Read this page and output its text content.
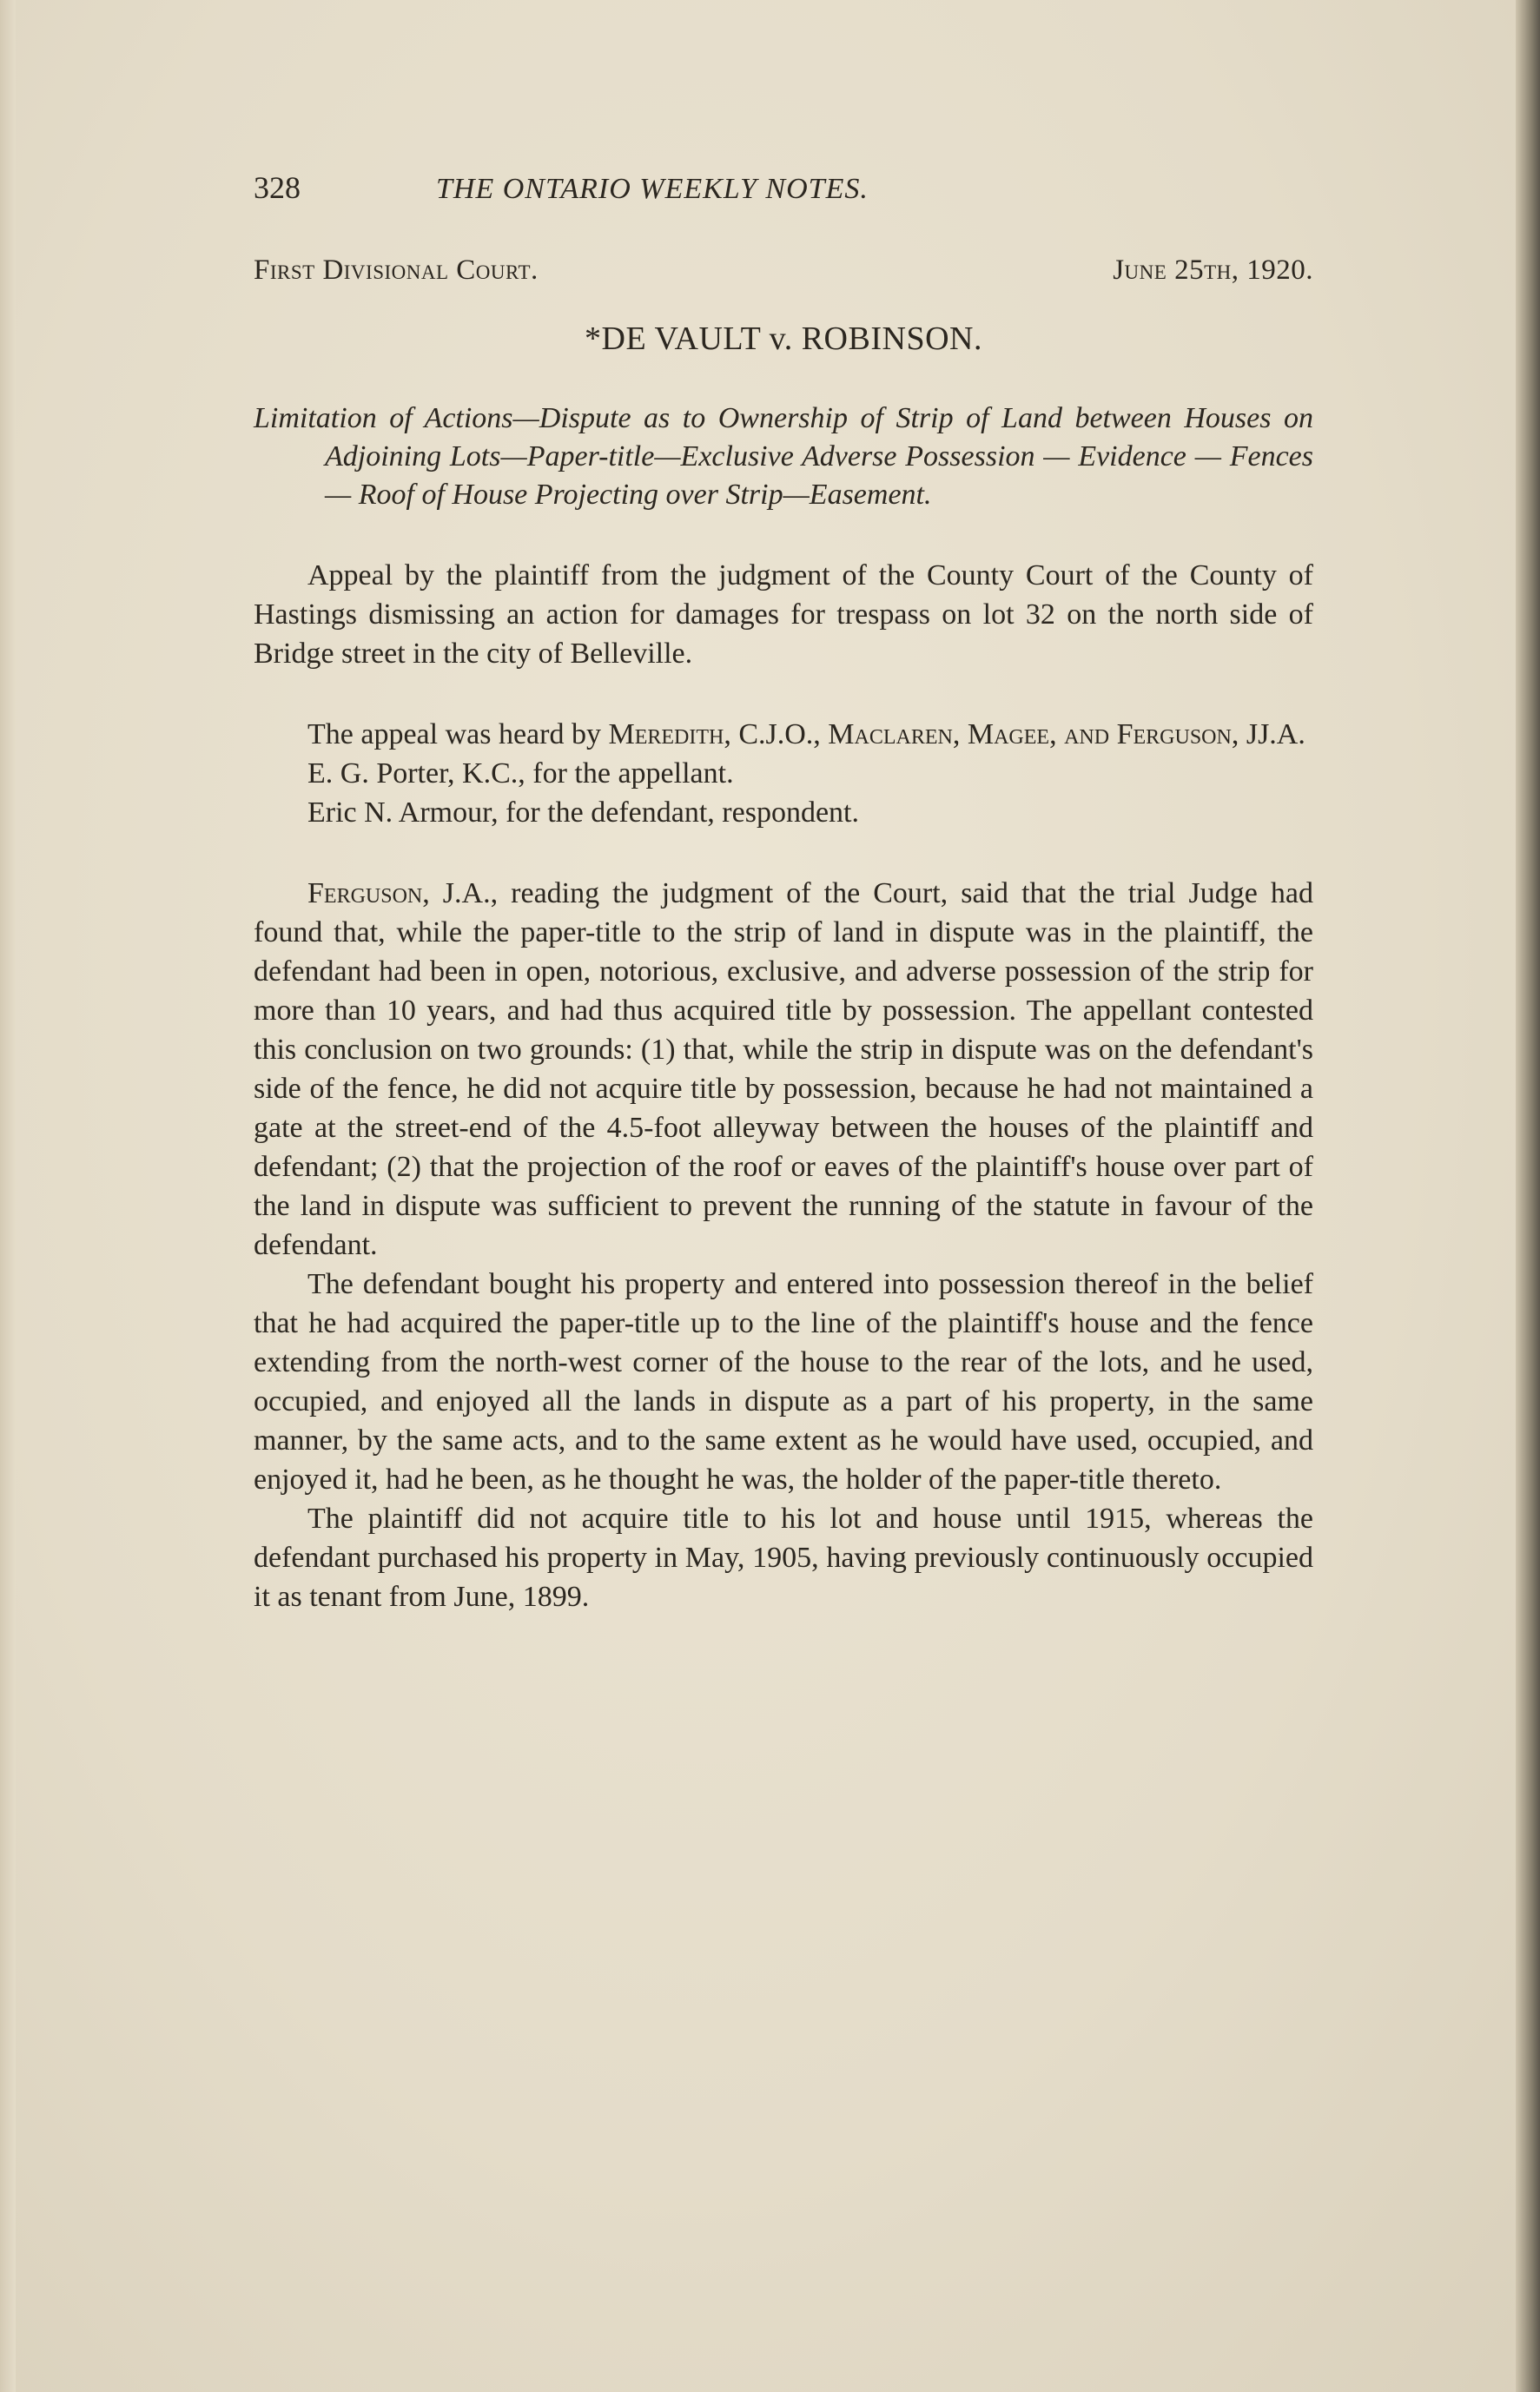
328	THE ONTARIO WEEKLY NOTES.
First Divisional Court.	June 25th, 1920.
*DE VAULT v. ROBINSON.
Limitation of Actions—Dispute as to Ownership of Strip of Land between Houses on Adjoining Lots—Paper-title—Exclusive Adverse Possession — Evidence — Fences — Roof of House Projecting over Strip—Easement.

Appeal by the plaintiff from the judgment of the County Court of the County of Hastings dismissing an action for damages for trespass on lot 32 on the north side of Bridge street in the city of Belleville.

The appeal was heard by Meredith, C.J.O., Maclaren, Magee, and Ferguson, JJ.A.

E. G. Porter, K.C., for the appellant.

Eric N. Armour, for the defendant, respondent.

Ferguson, J.A., reading the judgment of the Court, said that the trial Judge had found that, while the paper-title to the strip of land in dispute was in the plaintiff, the defendant had been in open, notorious, exclusive, and adverse possession of the strip for more than 10 years, and had thus acquired title by possession. The appellant contested this conclusion on two grounds: (1) that, while the strip in dispute was on the defendant's side of the fence, he did not acquire title by possession, because he had not maintained a gate at the street-end of the 4.5-foot alleyway between the houses of the plaintiff and defendant; (2) that the projection of the roof or eaves of the plaintiff's house over part of the land in dispute was sufficient to prevent the running of the statute in favour of the defendant.

The defendant bought his property and entered into possession thereof in the belief that he had acquired the paper-title up to the line of the plaintiff's house and the fence extending from the north-west corner of the house to the rear of the lots, and he used, occupied, and enjoyed all the lands in dispute as a part of his property, in the same manner, by the same acts, and to the same extent as he would have used, occupied, and enjoyed it, had he been, as he thought he was, the holder of the paper-title thereto.

The plaintiff did not acquire title to his lot and house until 1915, whereas the defendant purchased his property in May, 1905, having previously continuously occupied it as tenant from June, 1899.
